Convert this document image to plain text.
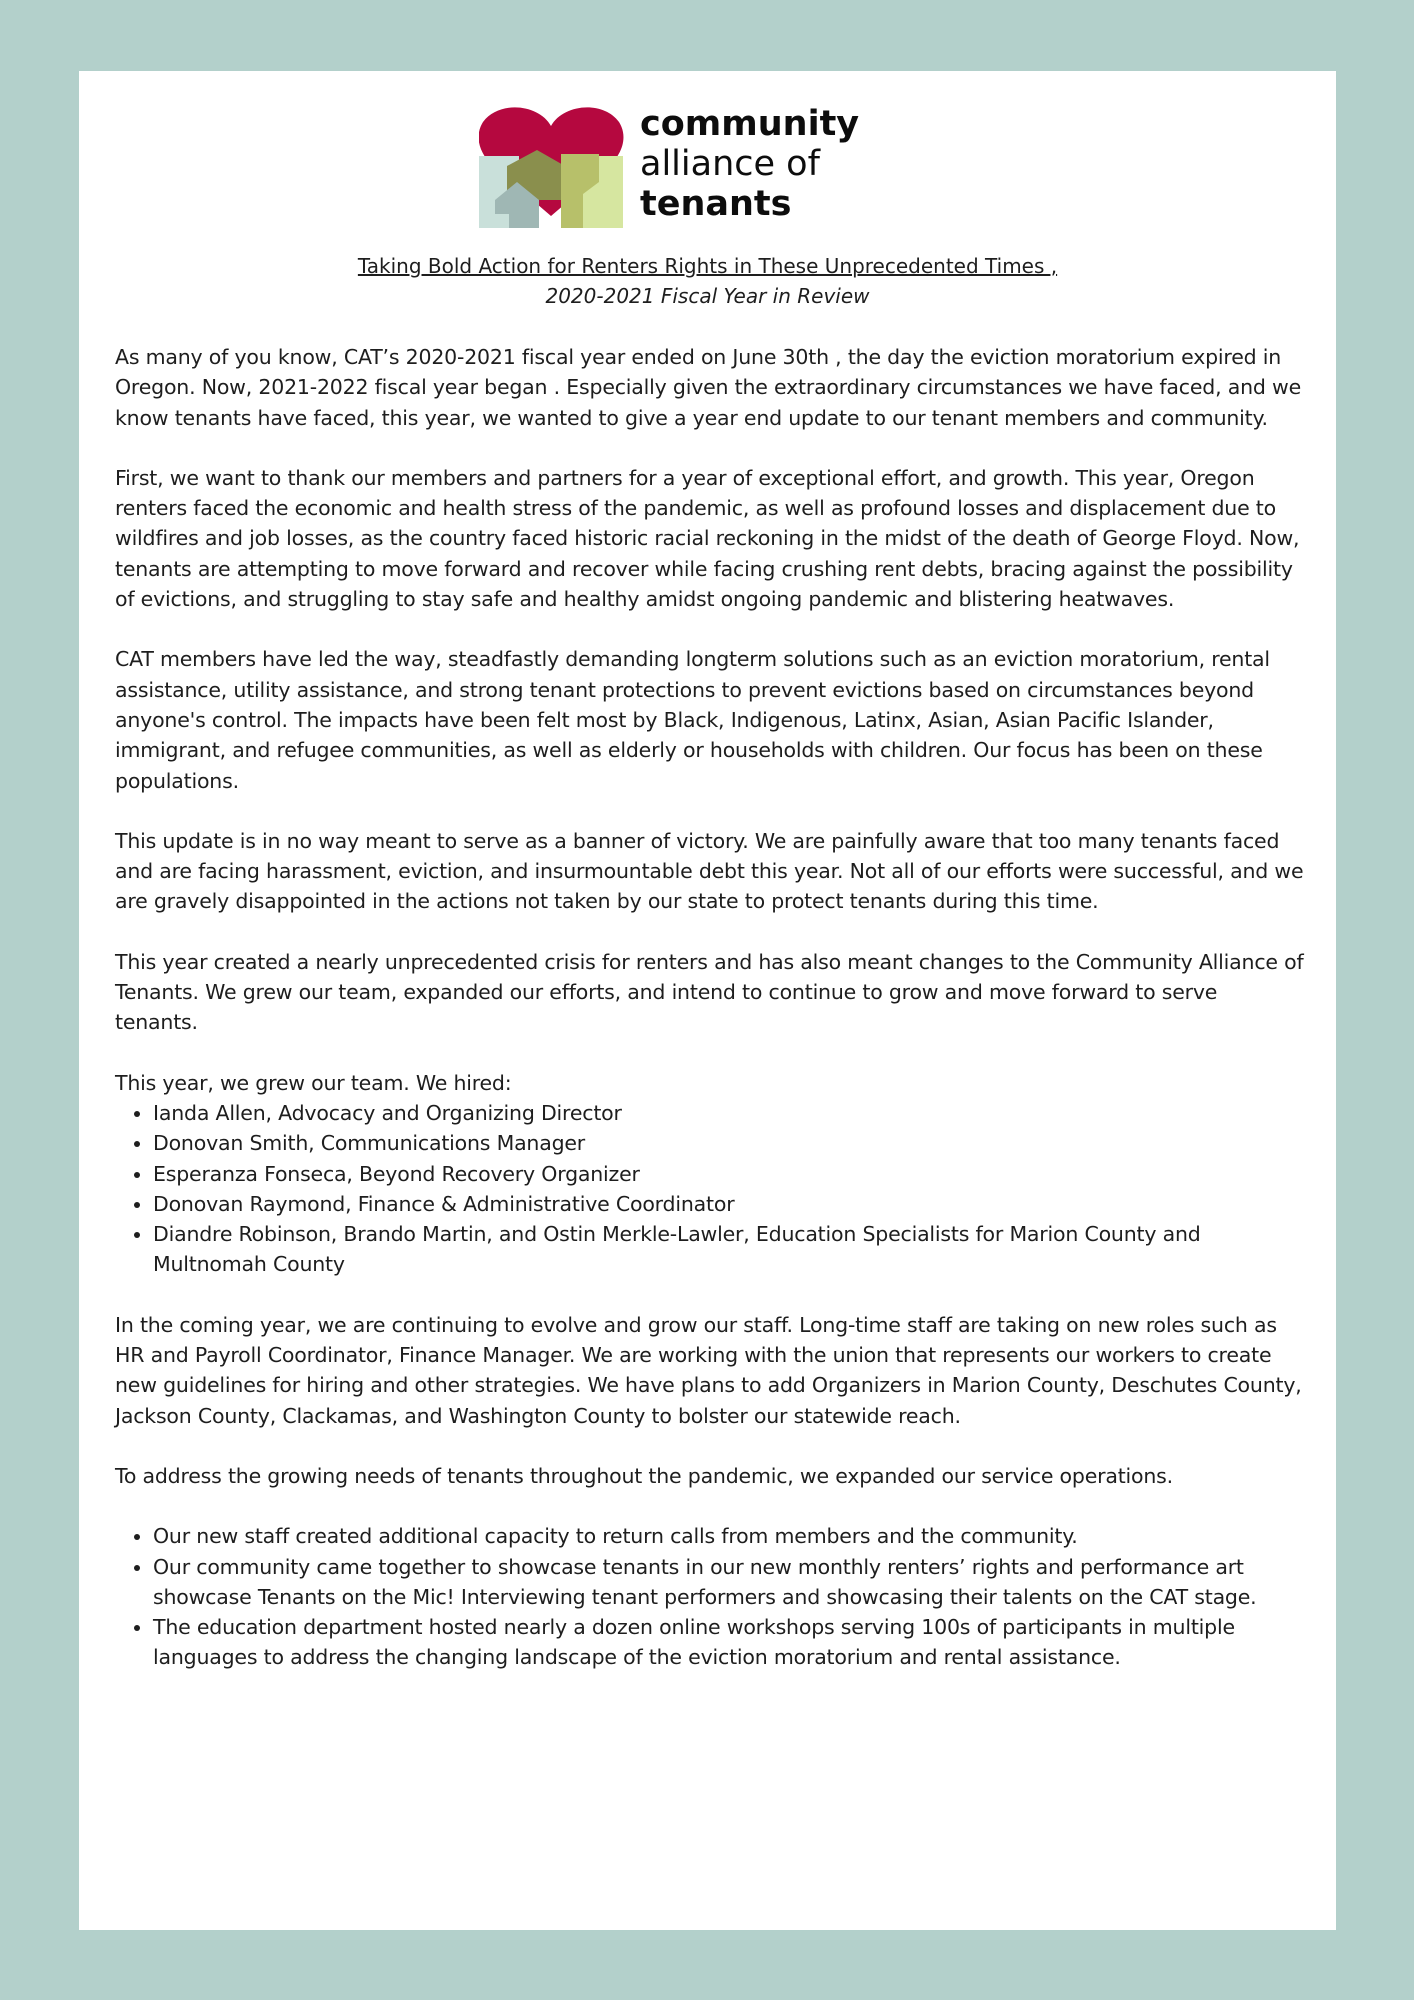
community
alliance of
tenants
Taking Bold Action for Renters Rights in These Unprecedented Times ,
2020-2021 Fiscal Year in Review

As many of you know, CAT’s 2020-2021 fiscal year ended on June 30th , the day the eviction moratorium expired in Oregon. Now, 2021-2022 fiscal year began . Especially given the extraordinary circumstances we have faced, and we know tenants have faced, this year, we wanted to give a year end update to our tenant members and community.

First, we want to thank our members and partners for a year of exceptional effort, and growth. This year, Oregon renters faced the economic and health stress of the pandemic, as well as profound losses and displacement due to wildfires and job losses, as the country faced historic racial reckoning in the midst of the death of George Floyd. Now, tenants are attempting to move forward and recover while facing crushing rent debts, bracing against the possibility of evictions, and struggling to stay safe and healthy amidst ongoing pandemic and blistering heatwaves.

CAT members have led the way, steadfastly demanding longterm solutions such as an eviction moratorium, rental assistance, utility assistance, and strong tenant protections to prevent evictions based on circumstances beyond anyone's control. The impacts have been felt most by Black, Indigenous, Latinx, Asian, Asian Pacific Islander, immigrant, and refugee communities, as well as elderly or households with children. Our focus has been on these populations.

This update is in no way meant to serve as a banner of victory. We are painfully aware that too many tenants faced and are facing harassment, eviction, and insurmountable debt this year. Not all of our efforts were successful, and we are gravely disappointed in the actions not taken by our state to protect tenants during this time.

This year created a nearly unprecedented crisis for renters and has also meant changes to the Community Alliance of Tenants. We grew our team, expanded our efforts, and intend to continue to grow and move forward to serve tenants.

This year, we grew our team. We hired:

• Ianda Allen, Advocacy and Organizing Director
• Donovan Smith, Communications Manager
• Esperanza Fonseca, Beyond Recovery Organizer
• Donovan Raymond, Finance & Administrative Coordinator
• Diandre Robinson, Brando Martin, and Ostin Merkle-Lawler, Education Specialists for Marion County and Multnomah County

In the coming year, we are continuing to evolve and grow our staff. Long-time staff are taking on new roles such as HR and Payroll Coordinator, Finance Manager. We are working with the union that represents our workers to create new guidelines for hiring and other strategies. We have plans to add Organizers in Marion County, Deschutes County, Jackson County, Clackamas, and Washington County to bolster our statewide reach.

To address the growing needs of tenants throughout the pandemic, we expanded our service operations.

• Our new staff created additional capacity to return calls from members and the community.
• Our community came together to showcase tenants in our new monthly renters’ rights and performance art showcase Tenants on the Mic! Interviewing tenant performers and showcasing their talents on the CAT stage.
• The education department hosted nearly a dozen online workshops serving 100s of participants in multiple languages to address the changing landscape of the eviction moratorium and rental assistance.
